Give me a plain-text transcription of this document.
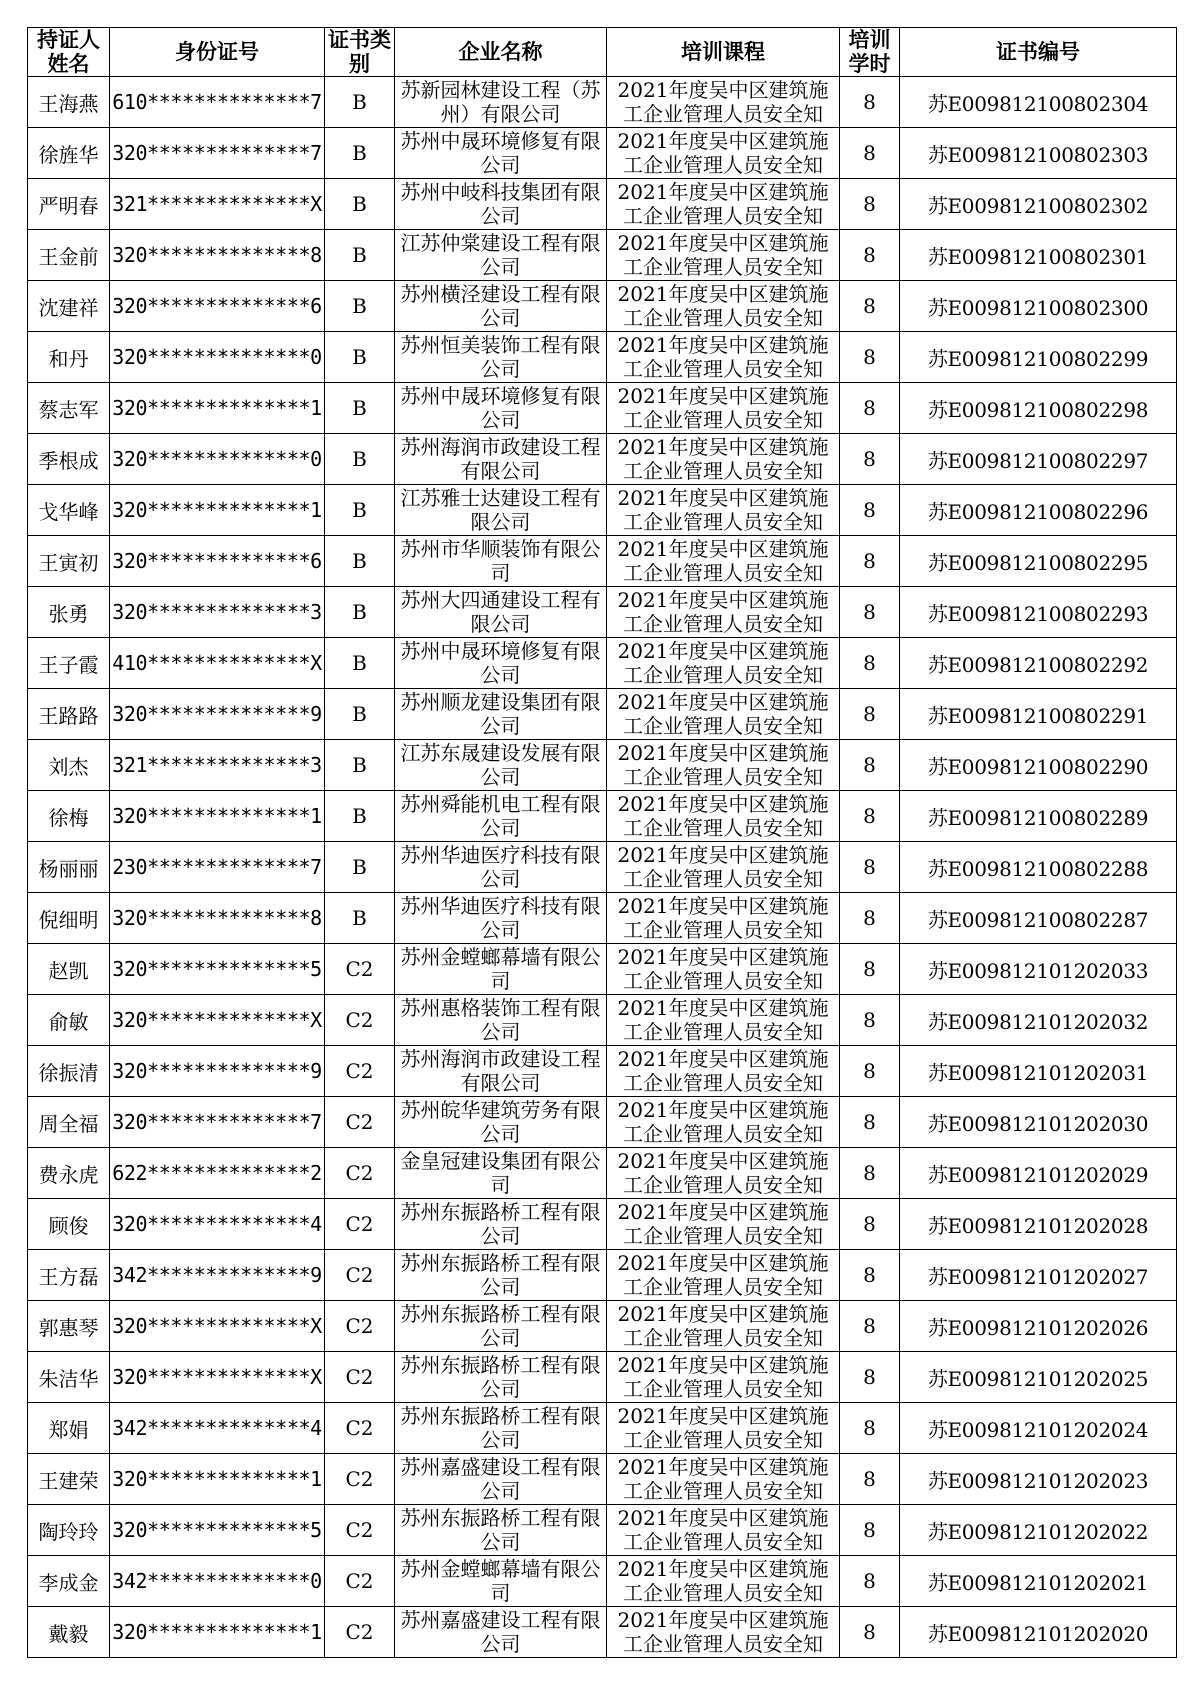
持证人姓名	身份证号	证书类别	企业名称	培训课程	培训学时	证书编号

王海燕	610**************7	B	苏新园林建设工程（苏州）有限公司	2021年度吴中区建筑施工企业管理人员安全知	8	苏E009812100802304

徐旌华	320**************7	B	苏州中晟环境修复有限公司	2021年度吴中区建筑施工企业管理人员安全知	8	苏E009812100802303

严明春	321**************X	B	苏州中岐科技集团有限公司	2021年度吴中区建筑施工企业管理人员安全知	8	苏E009812100802302

王金前	320**************8	B	江苏仲棠建设工程有限公司	2021年度吴中区建筑施工企业管理人员安全知	8	苏E009812100802301

沈建祥	320**************6	B	苏州横泾建设工程有限公司	2021年度吴中区建筑施工企业管理人员安全知	8	苏E009812100802300

和丹	320**************0	B	苏州恒美装饰工程有限公司	2021年度吴中区建筑施工企业管理人员安全知	8	苏E009812100802299

蔡志军	320**************1	B	苏州中晟环境修复有限公司	2021年度吴中区建筑施工企业管理人员安全知	8	苏E009812100802298

季根成	320**************0	B	苏州海润市政建设工程有限公司	2021年度吴中区建筑施工企业管理人员安全知	8	苏E009812100802297

戈华峰	320**************1	B	江苏雅士达建设工程有限公司	2021年度吴中区建筑施工企业管理人员安全知	8	苏E009812100802296

王寅初	320**************6	B	苏州市华顺装饰有限公司	2021年度吴中区建筑施工企业管理人员安全知	8	苏E009812100802295

张勇	320**************3	B	苏州大四通建设工程有限公司	2021年度吴中区建筑施工企业管理人员安全知	8	苏E009812100802293

王子霞	410**************X	B	苏州中晟环境修复有限公司	2021年度吴中区建筑施工企业管理人员安全知	8	苏E009812100802292

王路路	320**************9	B	苏州顺龙建设集团有限公司	2021年度吴中区建筑施工企业管理人员安全知	8	苏E009812100802291

刘杰	321**************3	B	江苏东晟建设发展有限公司	2021年度吴中区建筑施工企业管理人员安全知	8	苏E009812100802290

徐梅	320**************1	B	苏州舜能机电工程有限公司	2021年度吴中区建筑施工企业管理人员安全知	8	苏E009812100802289

杨丽丽	230**************7	B	苏州华迪医疗科技有限公司	2021年度吴中区建筑施工企业管理人员安全知	8	苏E009812100802288

倪细明	320**************8	B	苏州华迪医疗科技有限公司	2021年度吴中区建筑施工企业管理人员安全知	8	苏E009812100802287

赵凯	320**************5	C2	苏州金螳螂幕墙有限公司	2021年度吴中区建筑施工企业管理人员安全知	8	苏E009812101202033

俞敏	320**************X	C2	苏州惠格装饰工程有限公司	2021年度吴中区建筑施工企业管理人员安全知	8	苏E009812101202032

徐振清	320**************9	C2	苏州海润市政建设工程有限公司	2021年度吴中区建筑施工企业管理人员安全知	8	苏E009812101202031

周全福	320**************7	C2	苏州皖华建筑劳务有限公司	2021年度吴中区建筑施工企业管理人员安全知	8	苏E009812101202030

费永虎	622**************2	C2	金皇冠建设集团有限公司	2021年度吴中区建筑施工企业管理人员安全知	8	苏E009812101202029

顾俊	320**************4	C2	苏州东振路桥工程有限公司	2021年度吴中区建筑施工企业管理人员安全知	8	苏E009812101202028

王方磊	342**************9	C2	苏州东振路桥工程有限公司	2021年度吴中区建筑施工企业管理人员安全知	8	苏E009812101202027

郭惠琴	320**************X	C2	苏州东振路桥工程有限公司	2021年度吴中区建筑施工企业管理人员安全知	8	苏E009812101202026

朱洁华	320**************X	C2	苏州东振路桥工程有限公司	2021年度吴中区建筑施工企业管理人员安全知	8	苏E009812101202025

郑娟	342**************4	C2	苏州东振路桥工程有限公司	2021年度吴中区建筑施工企业管理人员安全知	8	苏E009812101202024

王建荣	320**************1	C2	苏州嘉盛建设工程有限公司	2021年度吴中区建筑施工企业管理人员安全知	8	苏E009812101202023

陶玲玲	320**************5	C2	苏州东振路桥工程有限公司	2021年度吴中区建筑施工企业管理人员安全知	8	苏E009812101202022

李成金	342**************0	C2	苏州金螳螂幕墙有限公司	2021年度吴中区建筑施工企业管理人员安全知	8	苏E009812101202021

戴毅	320**************1	C2	苏州嘉盛建设工程有限公司	2021年度吴中区建筑施工企业管理人员安全知	8	苏E009812101202020
